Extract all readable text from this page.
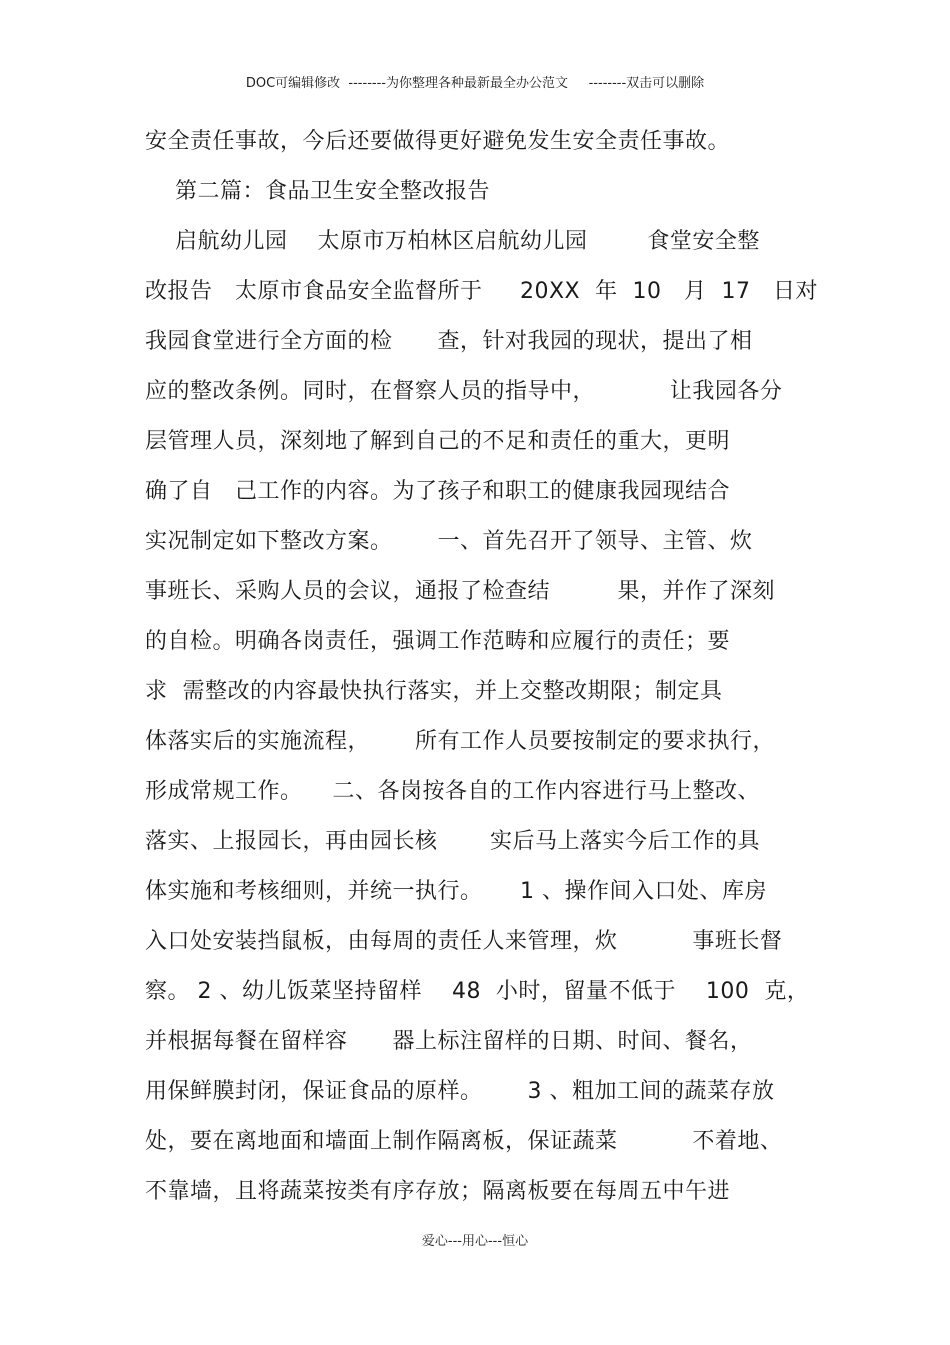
DOC可编辑修改  --------为你整理各种最新最全办公范文     --------双击可以删除
安全责任事故，今后还要做得更好避免发生安全责任事故。
第二篇：食品卫生安全整改报告
启航幼儿园    太原市万柏林区启航幼儿园        食堂安全整
改报告   太原市食品安全监督所于     20XX  年  10   月  17   日对
我园食堂进行全方面的检      查，针对我园的现状，提出了相
应的整改条例。同时，在督察人员的指导中，          让我园各分
层管理人员，深刻地了解到自己的不足和责任的重大，更明
确了自   己工作的内容。为了孩子和职工的健康我园现结合
实况制定如下整改方案。      一、首先召开了领导、主管、炊
事班长、采购人员的会议，通报了检查结         果，并作了深刻
的自检。明确各岗责任，强调工作范畴和应履行的责任；要
求  需整改的内容最快执行落实，并上交整改期限；制定具
体落实后的实施流程，      所有工作人员要按制定的要求执行，
形成常规工作。    二、各岗按各自的工作内容进行马上整改、
落实、上报园长，再由园长核       实后马上落实今后工作的具
体实施和考核细则，并统一执行。     1 、操作间入口处、库房
入口处安装挡鼠板，由每周的责任人来管理，炊          事班长督
察。 2 、幼儿饭菜坚持留样    48  小时，留量不低于    100  克，
并根据每餐在留样容      器上标注留样的日期、时间、餐名，
用保鲜膜封闭，保证食品的原样。      3 、粗加工间的蔬菜存放
处，要在离地面和墙面上制作隔离板，保证蔬菜          不着地、
不靠墙，且将蔬菜按类有序存放；隔离板要在每周五中午进
爱心---用心---恒心
